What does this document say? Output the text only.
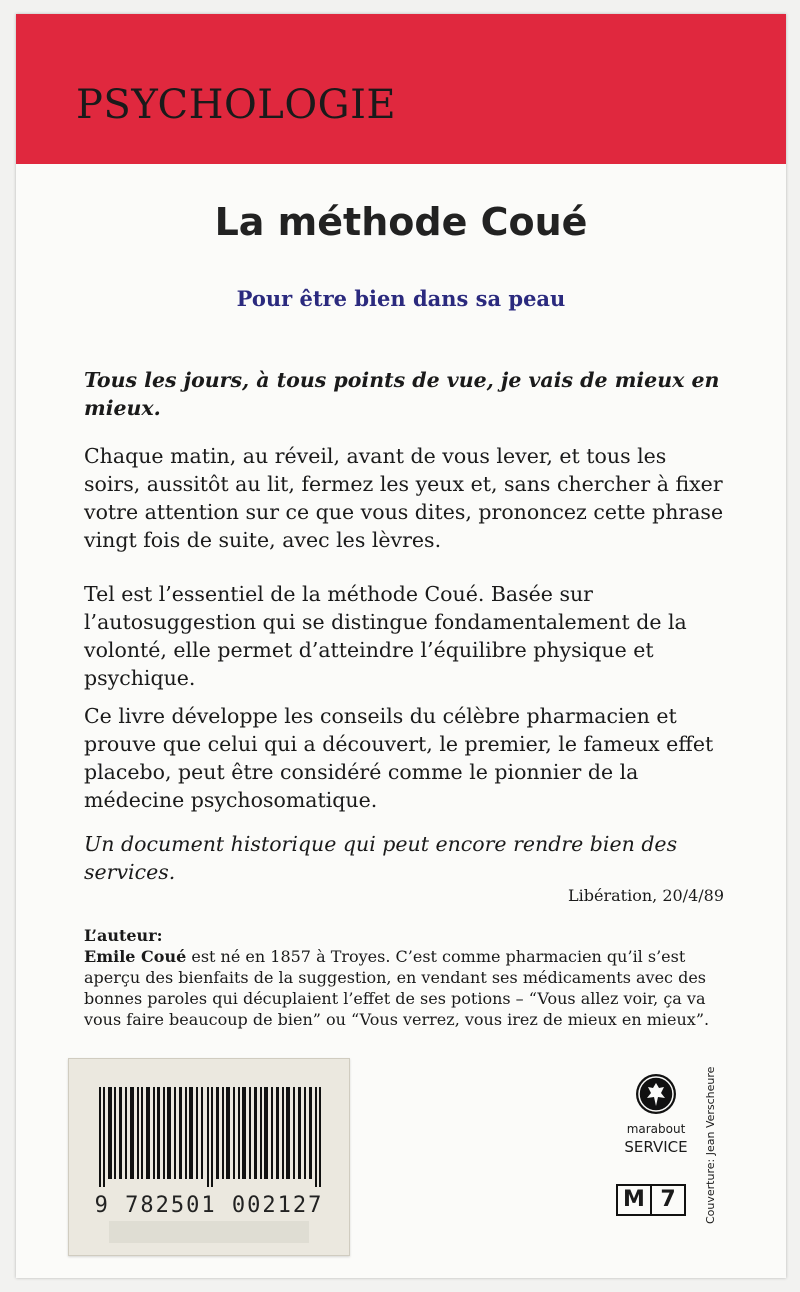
PSYCHOLOGIE
La méthode Coué
Pour être bien dans sa peau

Tous les jours, à tous points de vue, je vais de mieux en mieux.

Chaque matin, au réveil, avant de vous lever, et tous les soirs, aussitôt au lit, fermez les yeux et, sans chercher à fixer votre attention sur ce que vous dites, prononcez cette phrase vingt fois de suite, avec les lèvres.

Tel est l’essentiel de la méthode Coué. Basée sur l’autosuggestion qui se distingue fondamentalement de la volonté, elle permet d’atteindre l’équilibre physique et psychique.

Ce livre développe les conseils du célèbre pharmacien et prouve que celui qui a découvert, le premier, le fameux effet placebo, peut être considéré comme le pionnier de la médecine psychosomatique.

Un document historique qui peut encore rendre bien des services.

Libération, 20/4/89
L’auteur:

Emile Coué est né en 1857 à Troyes. C’est comme pharmacien qu’il s’est aperçu des bienfaits de la suggestion, en vendant ses médicaments avec des bonnes paroles qui décuplaient l’effet de ses potions – “Vous allez voir, ça va vous faire beaucoup de bien” ou “Vous verrez, vous irez de mieux en mieux”.

9 782501 002127
marabout
SERVICE
M 7	Couverture: Jean Verscheure
